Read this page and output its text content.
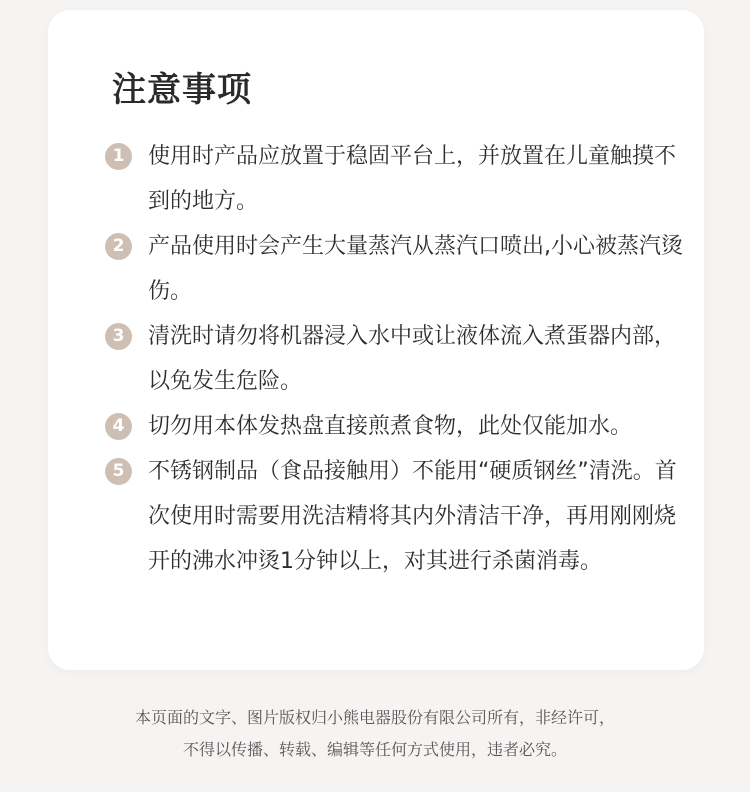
注意事项
1	使用时产品应放置于稳固平台上，并放置在儿童触摸不到的地方。
2	产品使用时会产生大量蒸汽从蒸汽口喷出,小心被蒸汽烫伤。
3	清洗时请勿将机器浸入水中或让液体流入煮蛋器内部，以免发生危险。
4	切勿用本体发热盘直接煎煮食物，此处仅能加水。
5	不锈钢制品（食品接触用）不能用“硬质钢丝”清洗。首次使用时需要用洗洁精将其内外清洁干净，再用刚刚烧开的沸水冲烫1分钟以上，对其进行杀菌消毒。
本页面的文字、图片版权归小熊电器股份有限公司所有，非经许可，
不得以传播、转载、编辑等任何方式使用，违者必究。
